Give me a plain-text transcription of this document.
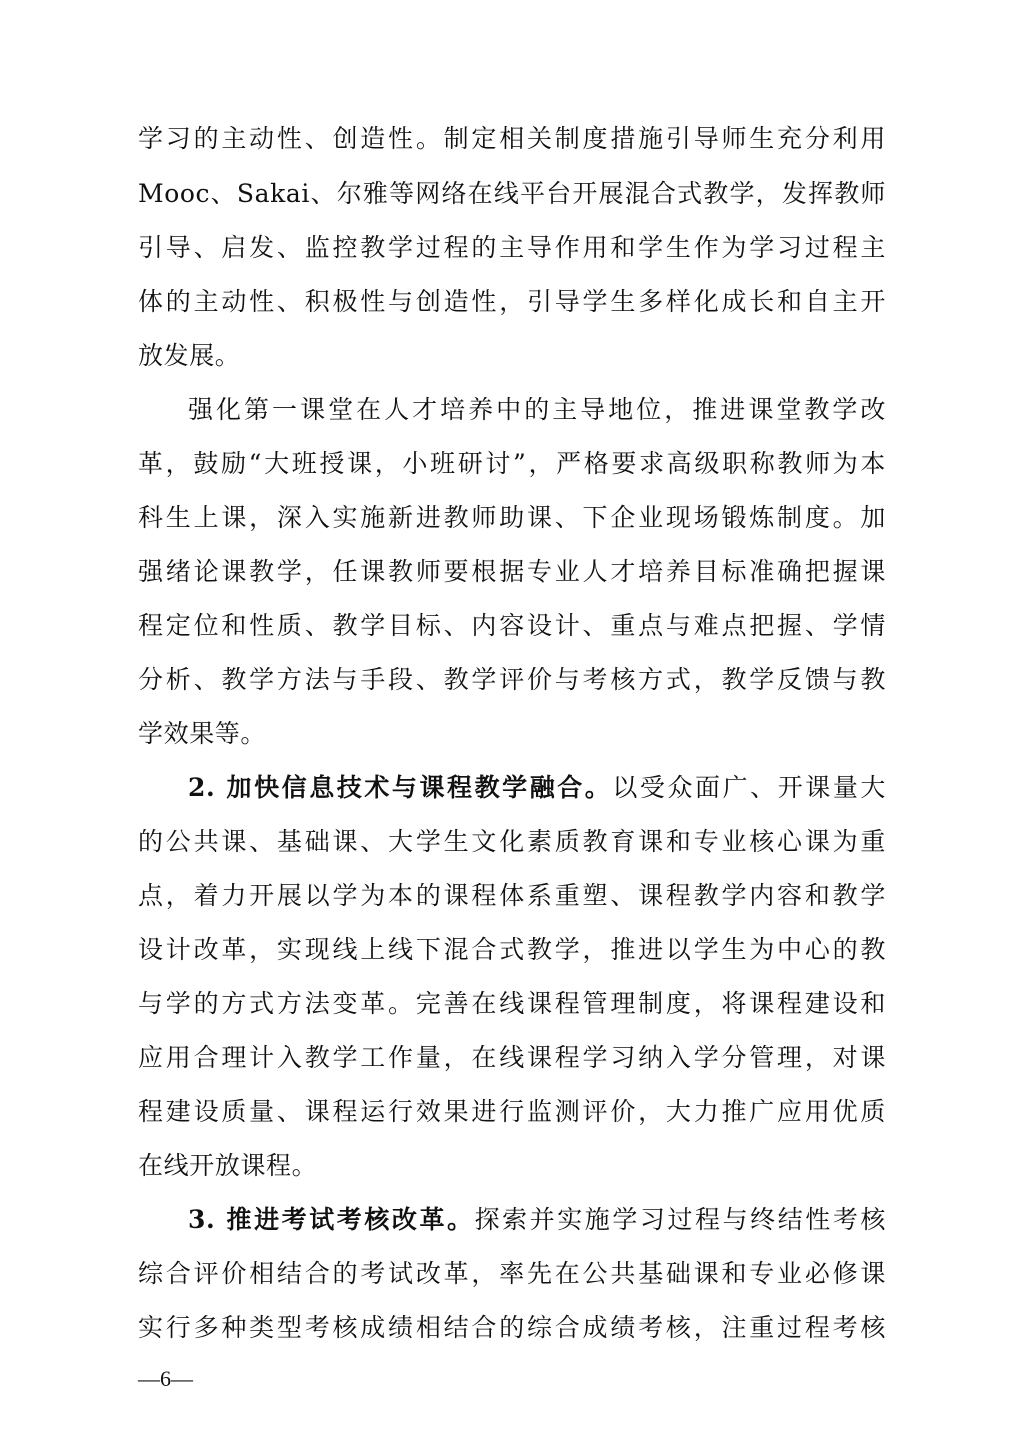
学习的主动性、创造性。制定相关制度措施引导师生充分利用
Mooc、Sakai、尔雅等网络在线平台开展混合式教学，发挥教师
引导、启发、监控教学过程的主导作用和学生作为学习过程主
体的主动性、积极性与创造性，引导学生多样化成长和自主开
放发展。
强化第一课堂在人才培养中的主导地位，推进课堂教学改
革，鼓励“大班授课，小班研讨”，严格要求高级职称教师为本
科生上课，深入实施新进教师助课、下企业现场锻炼制度。加
强绪论课教学，任课教师要根据专业人才培养目标准确把握课
程定位和性质、教学目标、内容设计、重点与难点把握、学情
分析、教学方法与手段、教学评价与考核方式，教学反馈与教
学效果等。
2. 加快信息技术与课程教学融合。以受众面广、开课量大
的公共课、基础课、大学生文化素质教育课和专业核心课为重
点，着力开展以学为本的课程体系重塑、课程教学内容和教学
设计改革，实现线上线下混合式教学，推进以学生为中心的教
与学的方式方法变革。完善在线课程管理制度，将课程建设和
应用合理计入教学工作量，在线课程学习纳入学分管理，对课
程建设质量、课程运行效果进行监测评价，大力推广应用优质
在线开放课程。
3. 推进考试考核改革。探索并实施学习过程与终结性考核
综合评价相结合的考试改革，率先在公共基础课和专业必修课
实行多种类型考核成绩相结合的综合成绩考核，注重过程考核
—6—
